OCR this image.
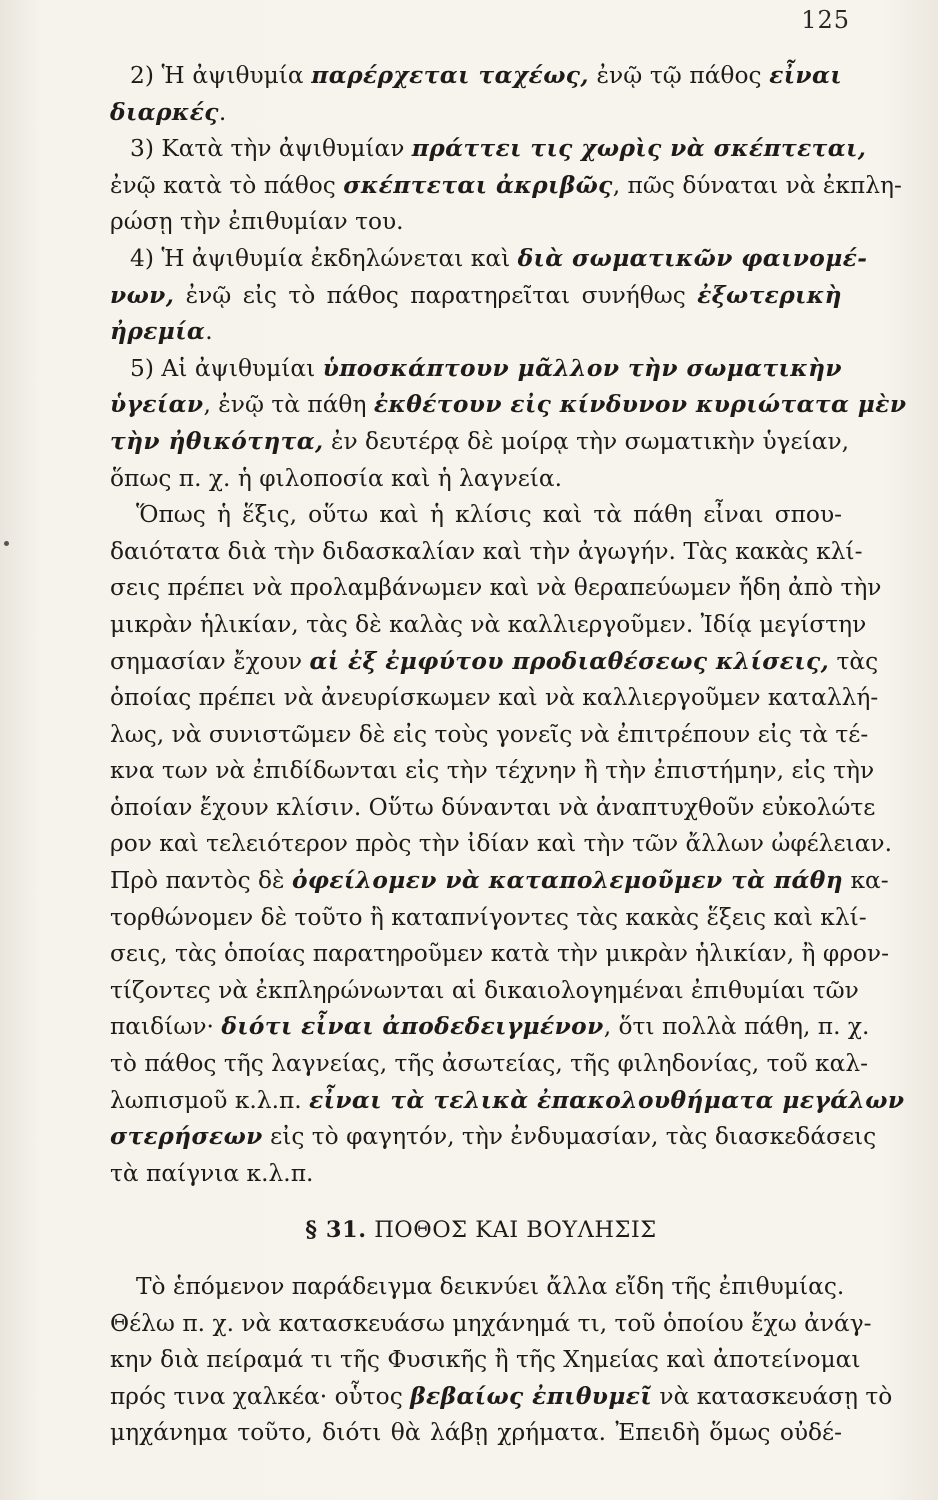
125
2) Ἡ ἀψιθυμία παρέρχεται ταχέως, ἐνῷ τῷ πάθος εἶναι
διαρκές.
3) Κατὰ τὴν ἀψιθυμίαν πράττει τις χωρὶς νὰ σκέπτεται,
ἐνῷ κατὰ τὸ πάθος σκέπτεται ἀκριβῶς, πῶς δύναται νὰ ἐκπλη-
ρώσῃ τὴν ἐπιθυμίαν του.
4) Ἡ ἀψιθυμία ἐκδηλώνεται καὶ διὰ σωματικῶν φαινομέ-
νων, ἐνῷ εἰς τὸ πάθος παρατηρεῖται συνήθως ἐξωτερικὴ
ἠρεμία.
5) Αἱ ἀψιθυμίαι ὑποσκάπτουν μᾶλλον τὴν σωματικὴν
ὑγείαν, ἐνῷ τὰ πάθη ἐκθέτουν εἰς κίνδυνον κυριώτατα μὲν
τὴν ἠθικότητα, ἐν δευτέρᾳ δὲ μοίρᾳ τὴν σωματικὴν ὑγείαν,
ὅπως π. χ. ἡ φιλοποσία καὶ ἡ λαγνεία.
Ὅπως ἡ ἕξις, οὕτω καὶ ἡ κλίσις καὶ τὰ πάθη εἶναι σπου-
δαιότατα διὰ τὴν διδασκαλίαν καὶ τὴν ἀγωγήν. Τὰς κακὰς κλί-
σεις πρέπει νὰ προλαμβάνωμεν καὶ νὰ θεραπεύωμεν ἤδη ἀπὸ τὴν
μικρὰν ἡλικίαν, τὰς δὲ καλὰς νὰ καλλιεργοῦμεν. Ἰδίᾳ μεγίστην
σημασίαν ἔχουν αἱ ἐξ ἐμφύτου προδιαθέσεως κλίσεις, τὰς
ὁποίας πρέπει νὰ ἀνευρίσκωμεν καὶ νὰ καλλιεργοῦμεν καταλλή-
λως, νὰ συνιστῶμεν δὲ εἰς τοὺς γονεῖς νὰ ἐπιτρέπουν εἰς τὰ τέ-
κνα των νὰ ἐπιδίδωνται εἰς τὴν τέχνην ἢ τὴν ἐπιστήμην, εἰς τὴν
ὁποίαν ἔχουν κλίσιν. Οὕτω δύνανται νὰ ἀναπτυχθοῦν εὐκολώτε
ρον καὶ τελειότερον πρὸς τὴν ἰδίαν καὶ τὴν τῶν ἄλλων ὠφέλειαν.
Πρὸ παντὸς δὲ ὀφείλομεν νὰ καταπολεμοῦμεν τὰ πάθη κα-
τορθώνομεν δὲ τοῦτο ἢ καταπνίγοντες τὰς κακὰς ἕξεις καὶ κλί-
σεις, τὰς ὁποίας παρατηροῦμεν κατὰ τὴν μικρὰν ἡλικίαν, ἢ φρον-
τίζοντες νὰ ἐκπληρώνωνται αἱ δικαιολογημέναι ἐπιθυμίαι τῶν
παιδίων· διότι εἶναι ἀποδεδειγμένον, ὅτι πολλὰ πάθη, π. χ.
τὸ πάθος τῆς λαγνείας, τῆς ἀσωτείας, τῆς φιληδονίας, τοῦ καλ-
λωπισμοῦ κ.λ.π. εἶναι τὰ τελικὰ ἐπακολουθήματα μεγάλων
στερήσεων εἰς τὸ φαγητόν, τὴν ἐνδυμασίαν, τὰς διασκεδάσεις
τὰ παίγνια κ.λ.π.
§ 31. ΠΟΘΟΣ ΚΑΙ ΒΟΥΛΗΣΙΣ
Τὸ ἑπόμενον παράδειγμα δεικνύει ἄλλα εἴδη τῆς ἐπιθυμίας.
Θέλω π. χ. νὰ κατασκευάσω μηχάνημά τι, τοῦ ὁποίου ἔχω ἀνάγ-
κην διὰ πείραμά τι τῆς Φυσικῆς ἢ τῆς Χημείας καὶ ἀποτείνομαι
πρός τινα χαλκέα· οὗτος βεβαίως ἐπιθυμεῖ νὰ κατασκευάσῃ τὸ
μηχάνημα τοῦτο, διότι θὰ λάβῃ χρήματα. Ἐπειδὴ ὅμως οὐδέ-
